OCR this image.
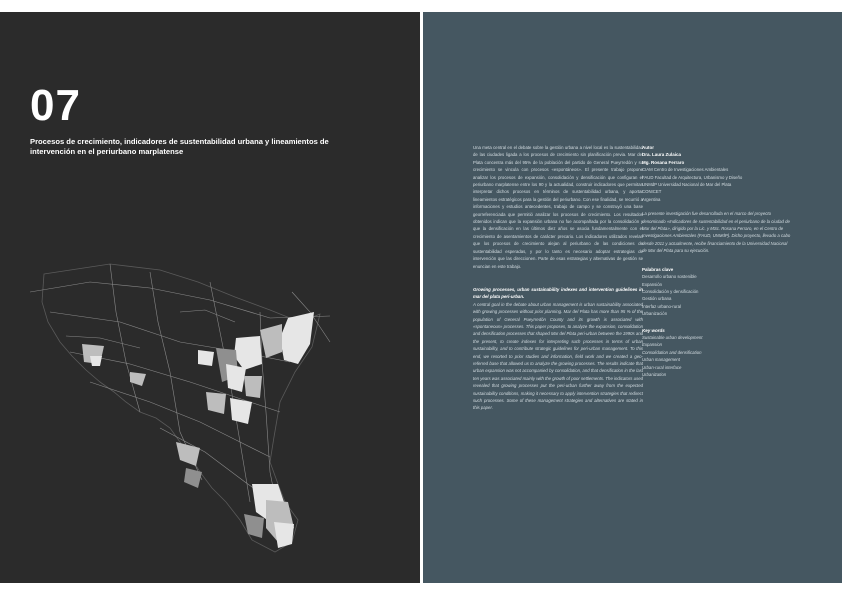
07
Procesos de crecimiento, indicadores de sustentabilidad urbana y lineamientos de intervención en el periurbano marplatense	Una meta central en el debate sobre la gestión urbana a nivel local es la sustentabilidad de las ciudades ligada a los procesos de crecimiento sin planificación previa. Mar del Plata concentra más del 95% de la población del partido de General Pueyrredón y su crecimiento se vincula con procesos «espontáneos». El presente trabajo propone analizar los procesos de expansión, consolidación y densificación que configuran el periurbano marplatense entre los 90 y la actualidad, construir indicadores que permitan interpretar dichos procesos en términos de sustentabilidad urbana, y aportar lineamientos estratégicos para la gestión del periurbano. Con ese finalidad, se recurrió a informaciones y estudios antecedentes, trabajo de campo y se construyó una base georreferenciada que permitió analizar los procesos de crecimiento. Los resultados obtenidos indican que la expansión urbana no fue acompañada por la consolidación y que la densificación en las últimos diez años se asocia fundamentalmente con el crecimiento de asentamientos de carácter precario. Los indicadores utilizados revelan que los procesos de crecimiento alejan al periurbano de las condiciones de sustentabilidad esperadas, y por lo tanto es necesario adoptar estrategias de intervención que las direccionen. Parte de esas estrategias y alternativas de gestión se enuncian en este trabajo.

Growing processes, urban sustainability indexes and intervention guidelines in mar del plata peri-urban.

A central goal in the debate about urban management is urban sustainability associated with growing processes without prior planning. Mar del Plata has more than 95 % of the population of General Pueyrredón County and its growth is associated with «spontaneous» processes. This paper proposes, to analyze the expansion, consolidation and densification processes that shaped Mar del Plata peri-urban between the 1990s and the present, to create indexes for interpreting such processes in terms of urban sustainability, and to contribute strategic guidelines for peri-urban management. To this end, we resorted to prior studies and information, field work and we created a geo-referred base that allowed us to analyze the growing processes. The results indicate that urban expansion was not accompanied by consolidation, and that densification in the last ten years was associated mainly with the growth of poor settlements. The indicators used revealed that growing processes put the peri-urban further away from the expected sustainability conditions, making it necessary to apply intervention strategies that redirect such processes. Some of these management strategies and alternatives are stated in this paper.

Autor
Dra. Laura Zulaica
Mg. Rosana Ferraro
CIAM Centro de Investigaciones Ambientales
FAUD Facultad de Arquitectura, Urbanismo y Diseño
UNMdP Universidad Nacional de Mar del Plata
CONICET
Argentina
La presente investigación fue desarrollada en el marco del proyecto denominado «Indicadores de sustentabilidad en el periurbano de la ciudad de Mar del Plata», dirigido por la Lic. y MSc. Rosana Ferraro, en el Centro de Investigaciones Ambientales (FAUD, UNMdP). Dicho proyecto, llevado a cabo desde 2011 y actualmente, recibe financiamiento de la Universidad Nacional de Mar del Plata para su ejecución.
Palabras clave
Desarrollo urbano sostenible
Expansión
Consolidación y densificación
Gestión urbana
Interfaz urbano-rural
Urbanización
Key words
Sustainable urban development
Expansion
Consolidation and densification
Urban management
Urban-rural interface
Urbanization
